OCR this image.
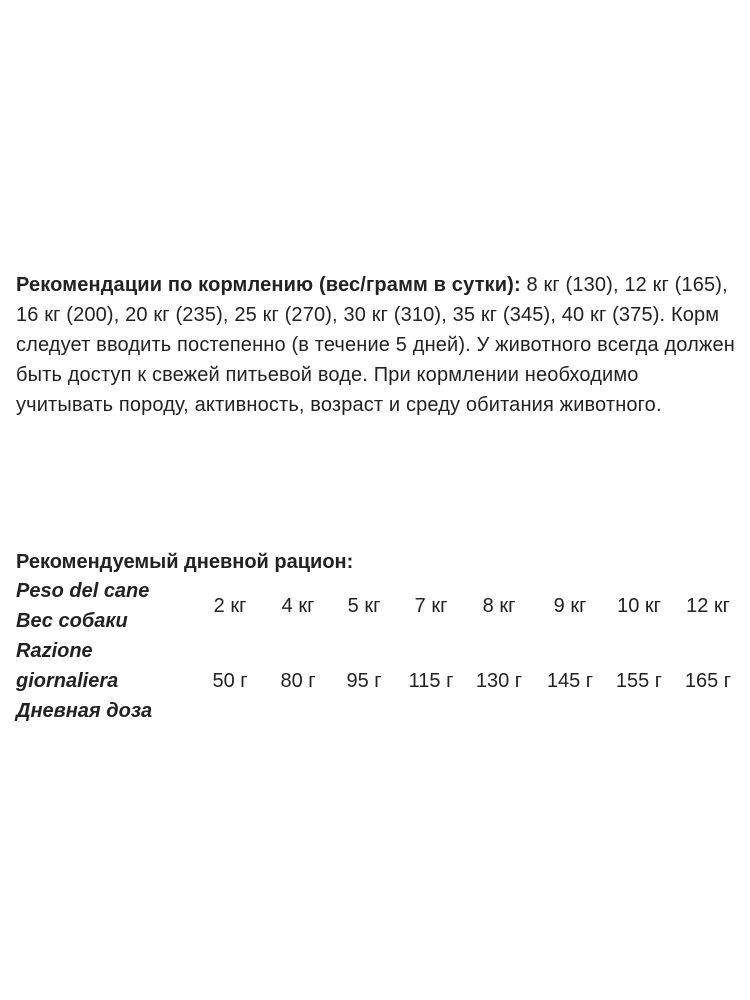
Рекомендации по кормлению (вес/грамм в сутки): 8 кг (130), 12 кг (165), 16 кг (200), 20 кг (235), 25 кг (270), 30 кг (310), 35 кг (345), 40 кг (375). Корм следует вводить постепенно (в течение 5 дней). У животного всегда должен быть доступ к свежей питьевой воде. При кормлении необходимо учитывать породу, активность, возраст и среду обитания животного.
Рекомендуемый дневной рацион:
Peso del cane
Вес собаки
Razione
giornaliera
Дневная доза
2 кг 4 кг 5 кг 7 кг 8 кг 9 кг 10 кг 12 кг
50 г 80 г 95 г 115 г 130 г 145 г 155 г 165 г
